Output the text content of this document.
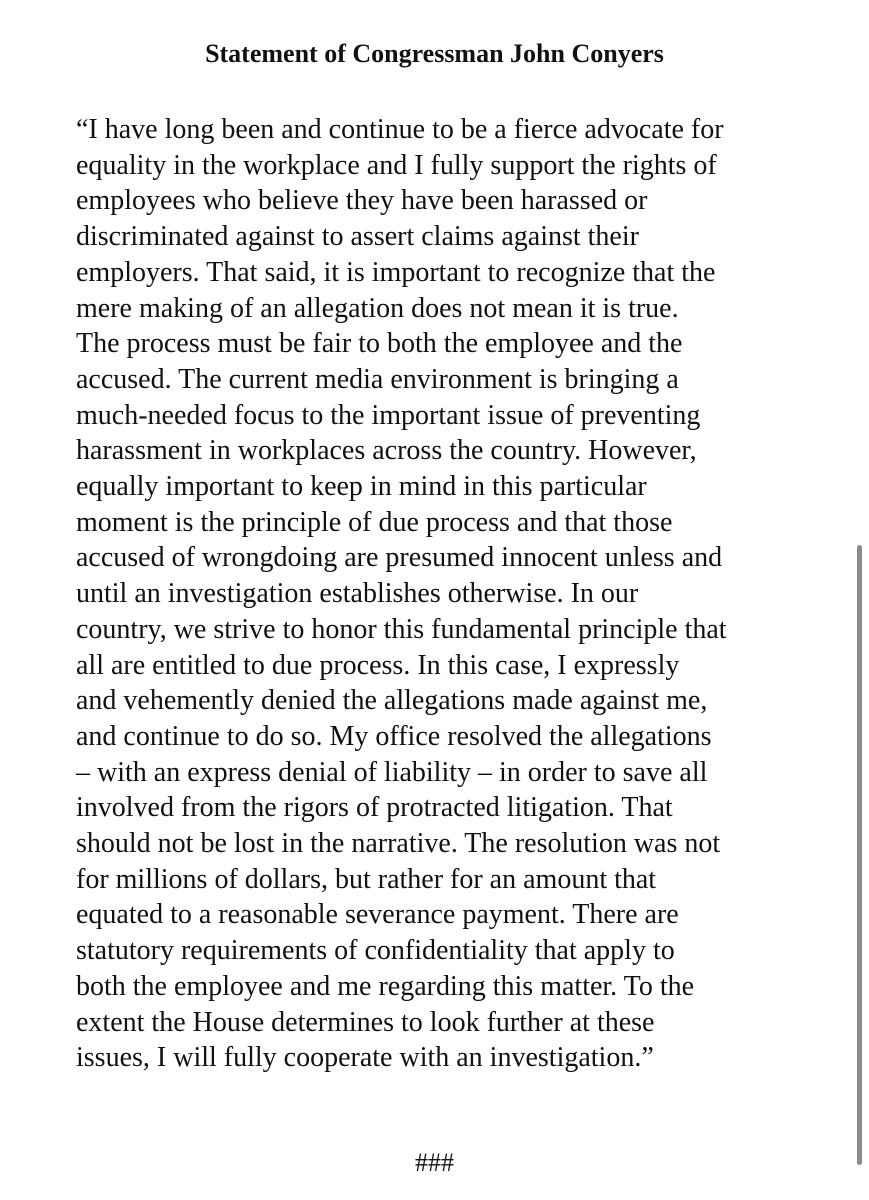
Statement of Congressman John Conyers
“I have long been and continue to be a fierce advocate for
equality in the workplace and I fully support the rights of
employees who believe they have been harassed or
discriminated against to assert claims against their
employers. That said, it is important to recognize that the
mere making of an allegation does not mean it is true.
The process must be fair to both the employee and the
accused. The current media environment is bringing a
much-needed focus to the important issue of preventing
harassment in workplaces across the country. However,
equally important to keep in mind in this particular
moment is the principle of due process and that those
accused of wrongdoing are presumed innocent unless and
until an investigation establishes otherwise. In our
country, we strive to honor this fundamental principle that
all are entitled to due process. In this case, I expressly
and vehemently denied the allegations made against me,
and continue to do so. My office resolved the allegations
– with an express denial of liability – in order to save all
involved from the rigors of protracted litigation. That
should not be lost in the narrative. The resolution was not
for millions of dollars, but rather for an amount that
equated to a reasonable severance payment. There are
statutory requirements of confidentiality that apply to
both the employee and me regarding this matter. To the
extent the House determines to look further at these
issues, I will fully cooperate with an investigation.”
###
